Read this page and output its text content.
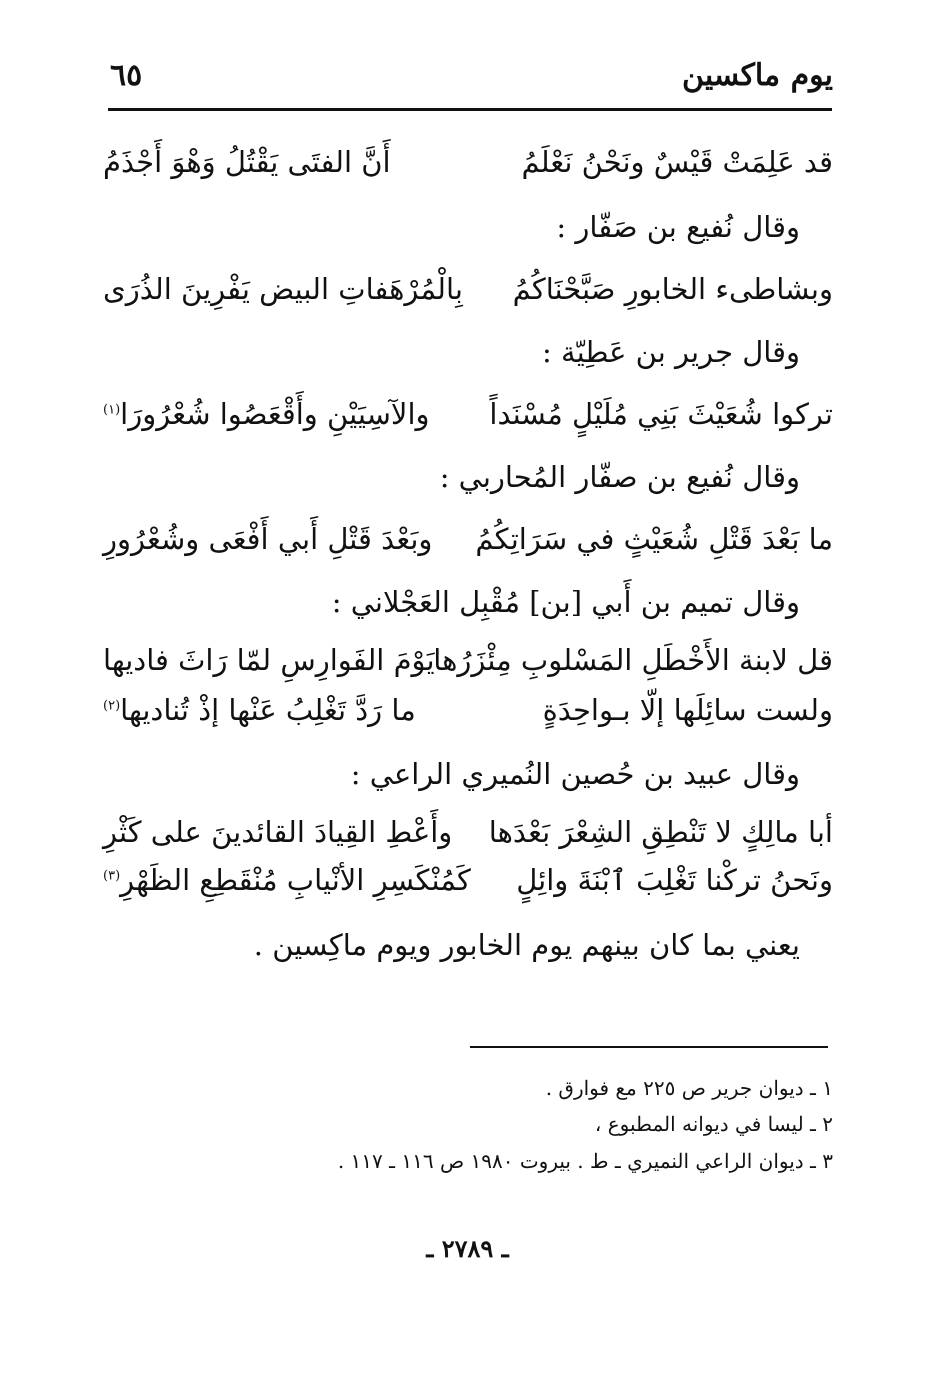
يوم ماكسين
٦٥
قد عَلِمَتْ قَيْسٌ ونَحْنُ نَعْلَمُ
أَنَّ الفتَى يَقْتُلُ وَهْوَ أَجْذَمُ
وقال نُفيع بن صَفّار :
وبشاطىء الخابورِ صَبَّحْنَاكُمُ
بِالْمُرْهَفاتِ البيض يَفْرِينَ الذُرَى
وقال جرير بن عَطِيّة :
تركوا شُعَيْثَ بَنِي مُلَيْلٍ مُسْنَداً
والآسِيَيْنِ وأَقْعَصُوا شُعْرُورَا$^{(١)}$
وقال نُفيع بن صفّار المُحاربي :
ما بَعْدَ قَتْلِ شُعَيْثٍ في سَرَاتِكُمُ
وبَعْدَ قَتْلِ أَبي أَفْعَى وشُعْرُورِ
وقال تميم بن أَبي [بن] مُقْبِل العَجْلاني :
قل لابنة الأَخْطَلِ المَسْلوبِ مِئْزَرُها
يَوْمَ الفَوارِسِ لمّا رَاثَ فاديها
ولست سائِلَها إلّا بـواحِدَةٍ
ما رَدَّ تَغْلِبُ عَنْها إذْ تُناديها$^{(٢)}$
وقال عبيد بن حُصين النُميري الراعي :
أبا مالِكٍ لا تَنْطِقِ الشِعْرَ بَعْدَها
وأَعْطِ القِيادَ القائدينَ على كَثْرِ
ونَحنُ تركْنا تَغْلِبَ ٱبْنَةَ وائِلٍ
كَمُنْكَسِرِ الأنْيابِ مُنْقَطِعِ الظَهْرِ$^{(٣)}$
يعني بما كان بينهم يوم الخابور ويوم ماكِسين .
١ ـ ديوان جرير ص ٢٢٥ مع فوارق .
٢ ـ ليسا في ديوانه المطبوع ،
٣ ـ ديوان الراعي النميري ـ ط . بيروت ١٩٨٠ ص ١١٦ ـ ١١٧ .
ـ ٢٧٨٩ ـ
